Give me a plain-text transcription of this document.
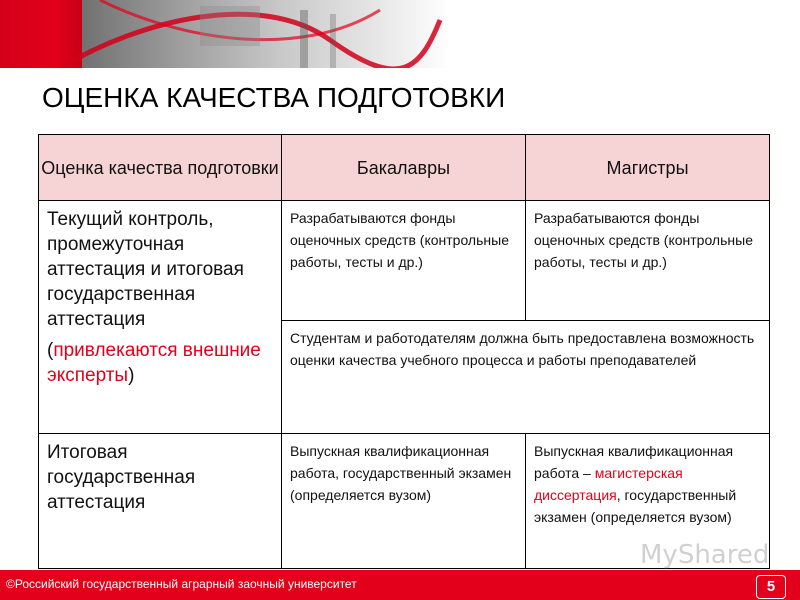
ОЦЕНКА КАЧЕСТВА ПОДГОТОВКИ
Оценка качества подготовки	Бакалавры	Магистры

Текущий контроль, промежуточная аттестация и итоговая государственная аттестация
(привлекаются внешние эксперты)	Разрабатываются фонды оценочных средств (контрольные работы, тесты и др.)	Разрабатываются фонды оценочных средств (контрольные работы, тесты и др.)
	Студентам и работодателям должна быть предоставлена возможность оценки качества учебного процесса и работы преподавателей	
Итоговая государственная аттестация	Выпускная квалификационная работа, государственный экзамен (определяется вузом)	Выпускная квалификационная работа – магистерская диссертация, государственный экзамен (определяется вузом)
MyShared
©Российский государственный аграрный заочный университет	5
